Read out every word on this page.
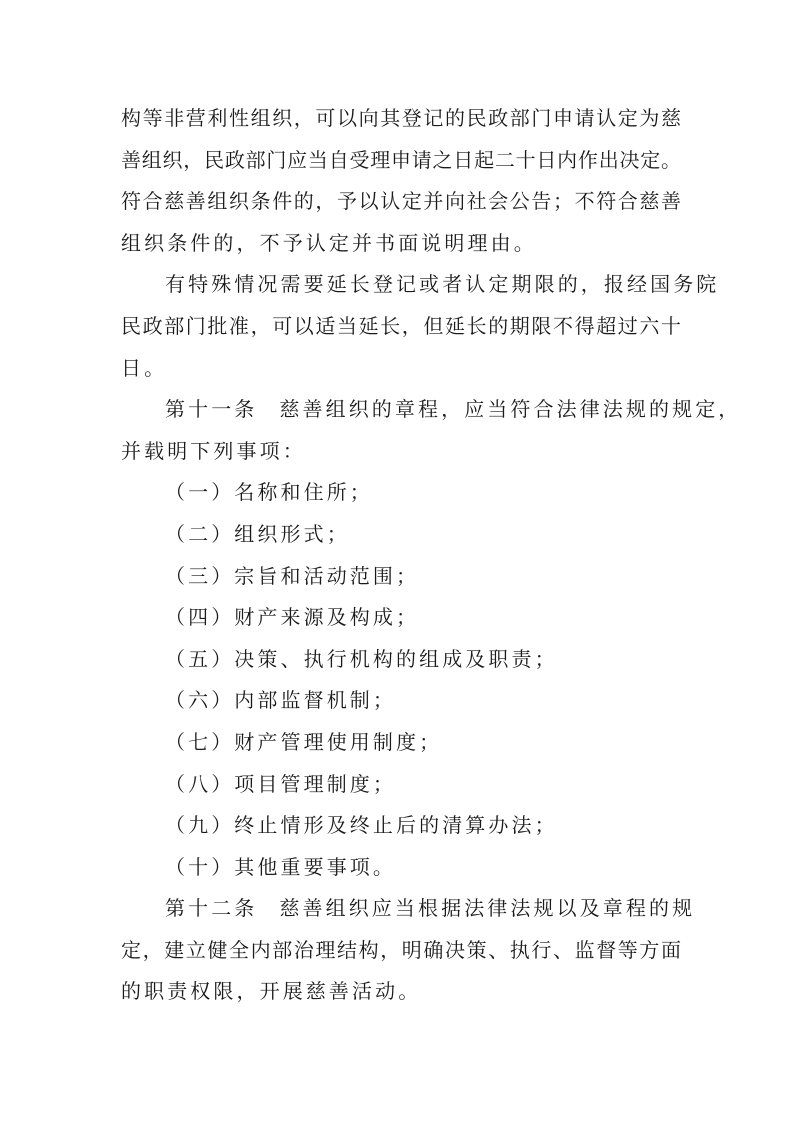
构等非营利性组织，可以向其登记的民政部门申请认定为慈
善组织，民政部门应当自受理申请之日起二十日内作出决定。
符合慈善组织条件的，予以认定并向社会公告；不符合慈善
组织条件的，不予认定并书面说明理由。
有特殊情况需要延长登记或者认定期限的，报经国务院
民政部门批准，可以适当延长，但延长的期限不得超过六十
日。
第十一条 慈善组织的章程，应当符合法律法规的规定，
并载明下列事项：
（一）名称和住所；
（二）组织形式；
（三）宗旨和活动范围；
（四）财产来源及构成；
（五）决策、执行机构的组成及职责；
（六）内部监督机制；
（七）财产管理使用制度；
（八）项目管理制度；
（九）终止情形及终止后的清算办法；
（十）其他重要事项。
第十二条 慈善组织应当根据法律法规以及章程的规
定，建立健全内部治理结构，明确决策、执行、监督等方面
的职责权限，开展慈善活动。
